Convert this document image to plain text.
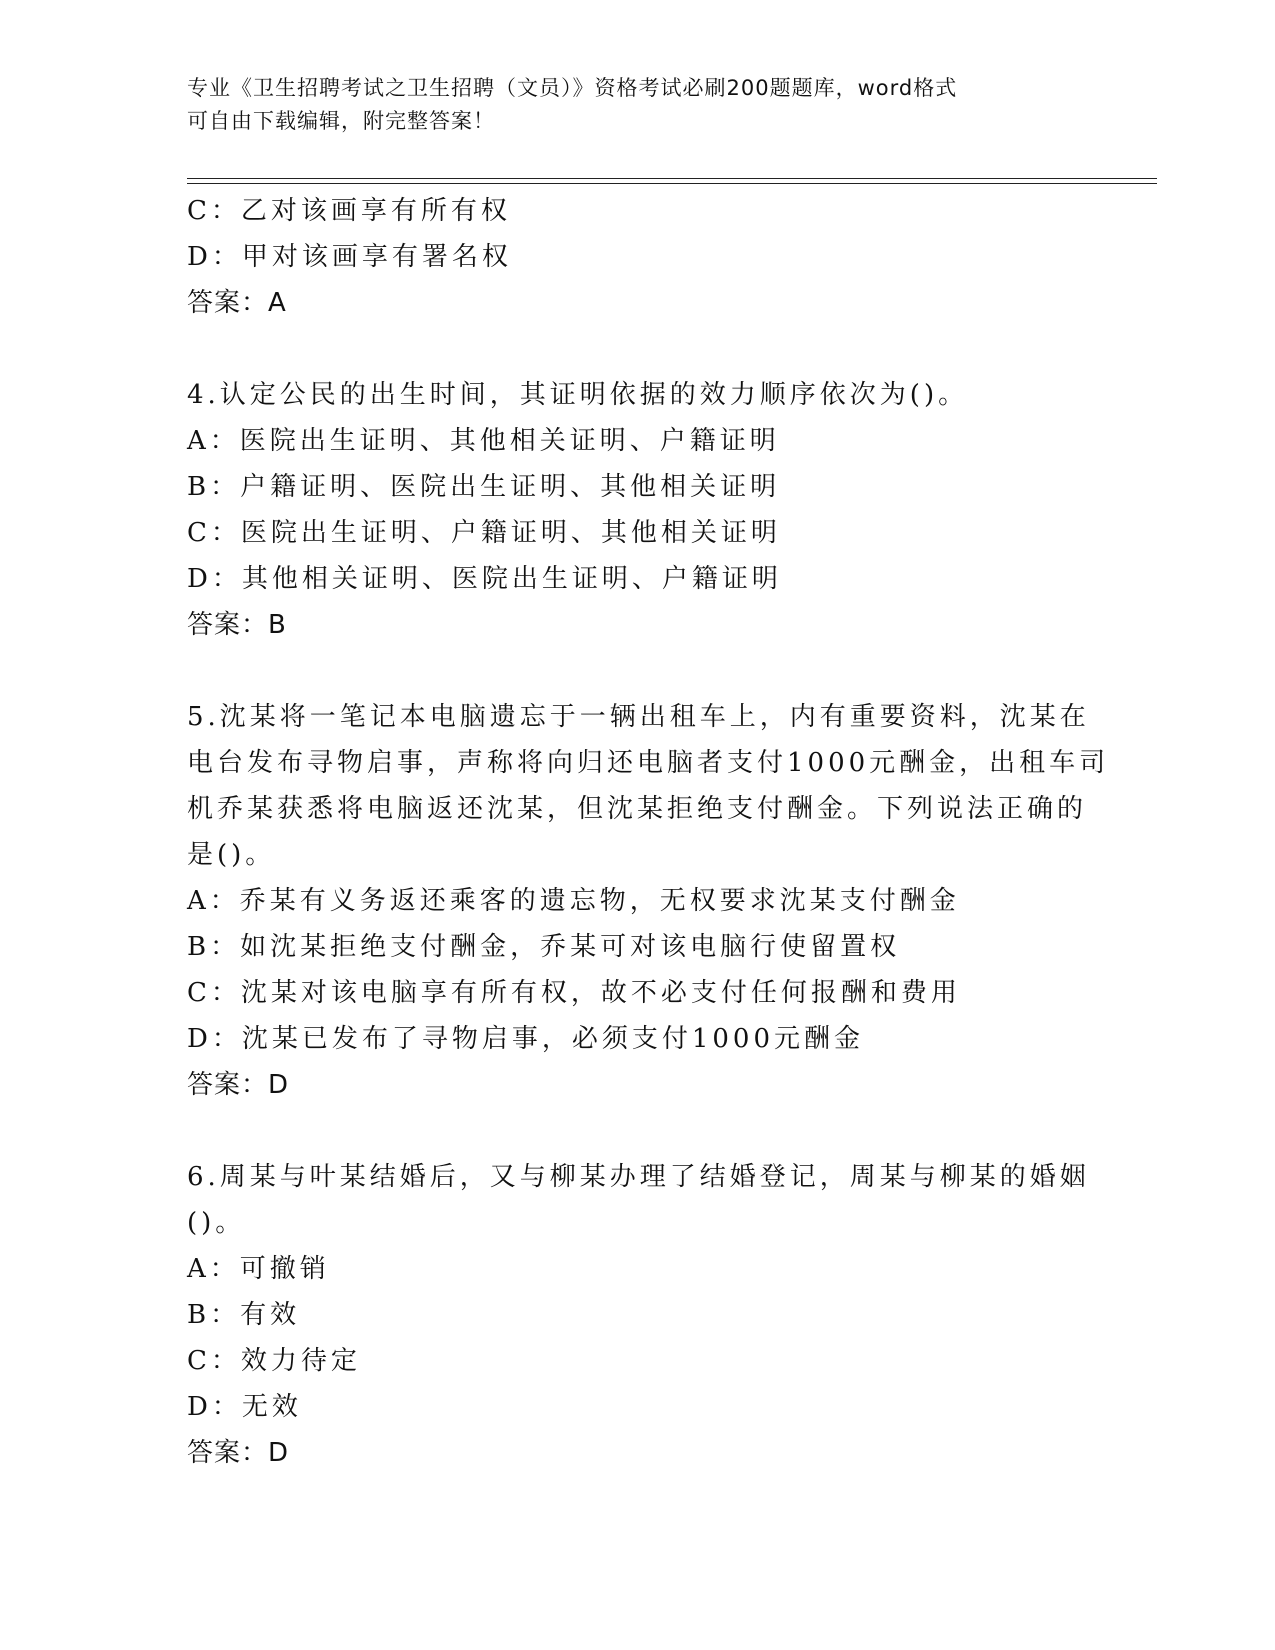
专业《卫生招聘考试之卫生招聘（文员）》资格考试必刷200题题库，word格式
可自由下载编辑，附完整答案！
C：乙对该画享有所有权
D：甲对该画享有署名权
答案：A
4.认定公民的出生时间，其证明依据的效力顺序依次为()。
A：医院出生证明、其他相关证明、户籍证明
B：户籍证明、医院出生证明、其他相关证明
C：医院出生证明、户籍证明、其他相关证明
D：其他相关证明、医院出生证明、户籍证明
答案：B
5.沈某将一笔记本电脑遗忘于一辆出租车上，内有重要资料，沈某在
电台发布寻物启事，声称将向归还电脑者支付1000元酬金，出租车司
机乔某获悉将电脑返还沈某，但沈某拒绝支付酬金。下列说法正确的
是()。
A：乔某有义务返还乘客的遗忘物，无权要求沈某支付酬金
B：如沈某拒绝支付酬金，乔某可对该电脑行使留置权
C：沈某对该电脑享有所有权，故不必支付任何报酬和费用
D：沈某已发布了寻物启事，必须支付1000元酬金
答案：D
6.周某与叶某结婚后，又与柳某办理了结婚登记，周某与柳某的婚姻
()。
A：可撤销
B：有效
C：效力待定
D：无效
答案：D
